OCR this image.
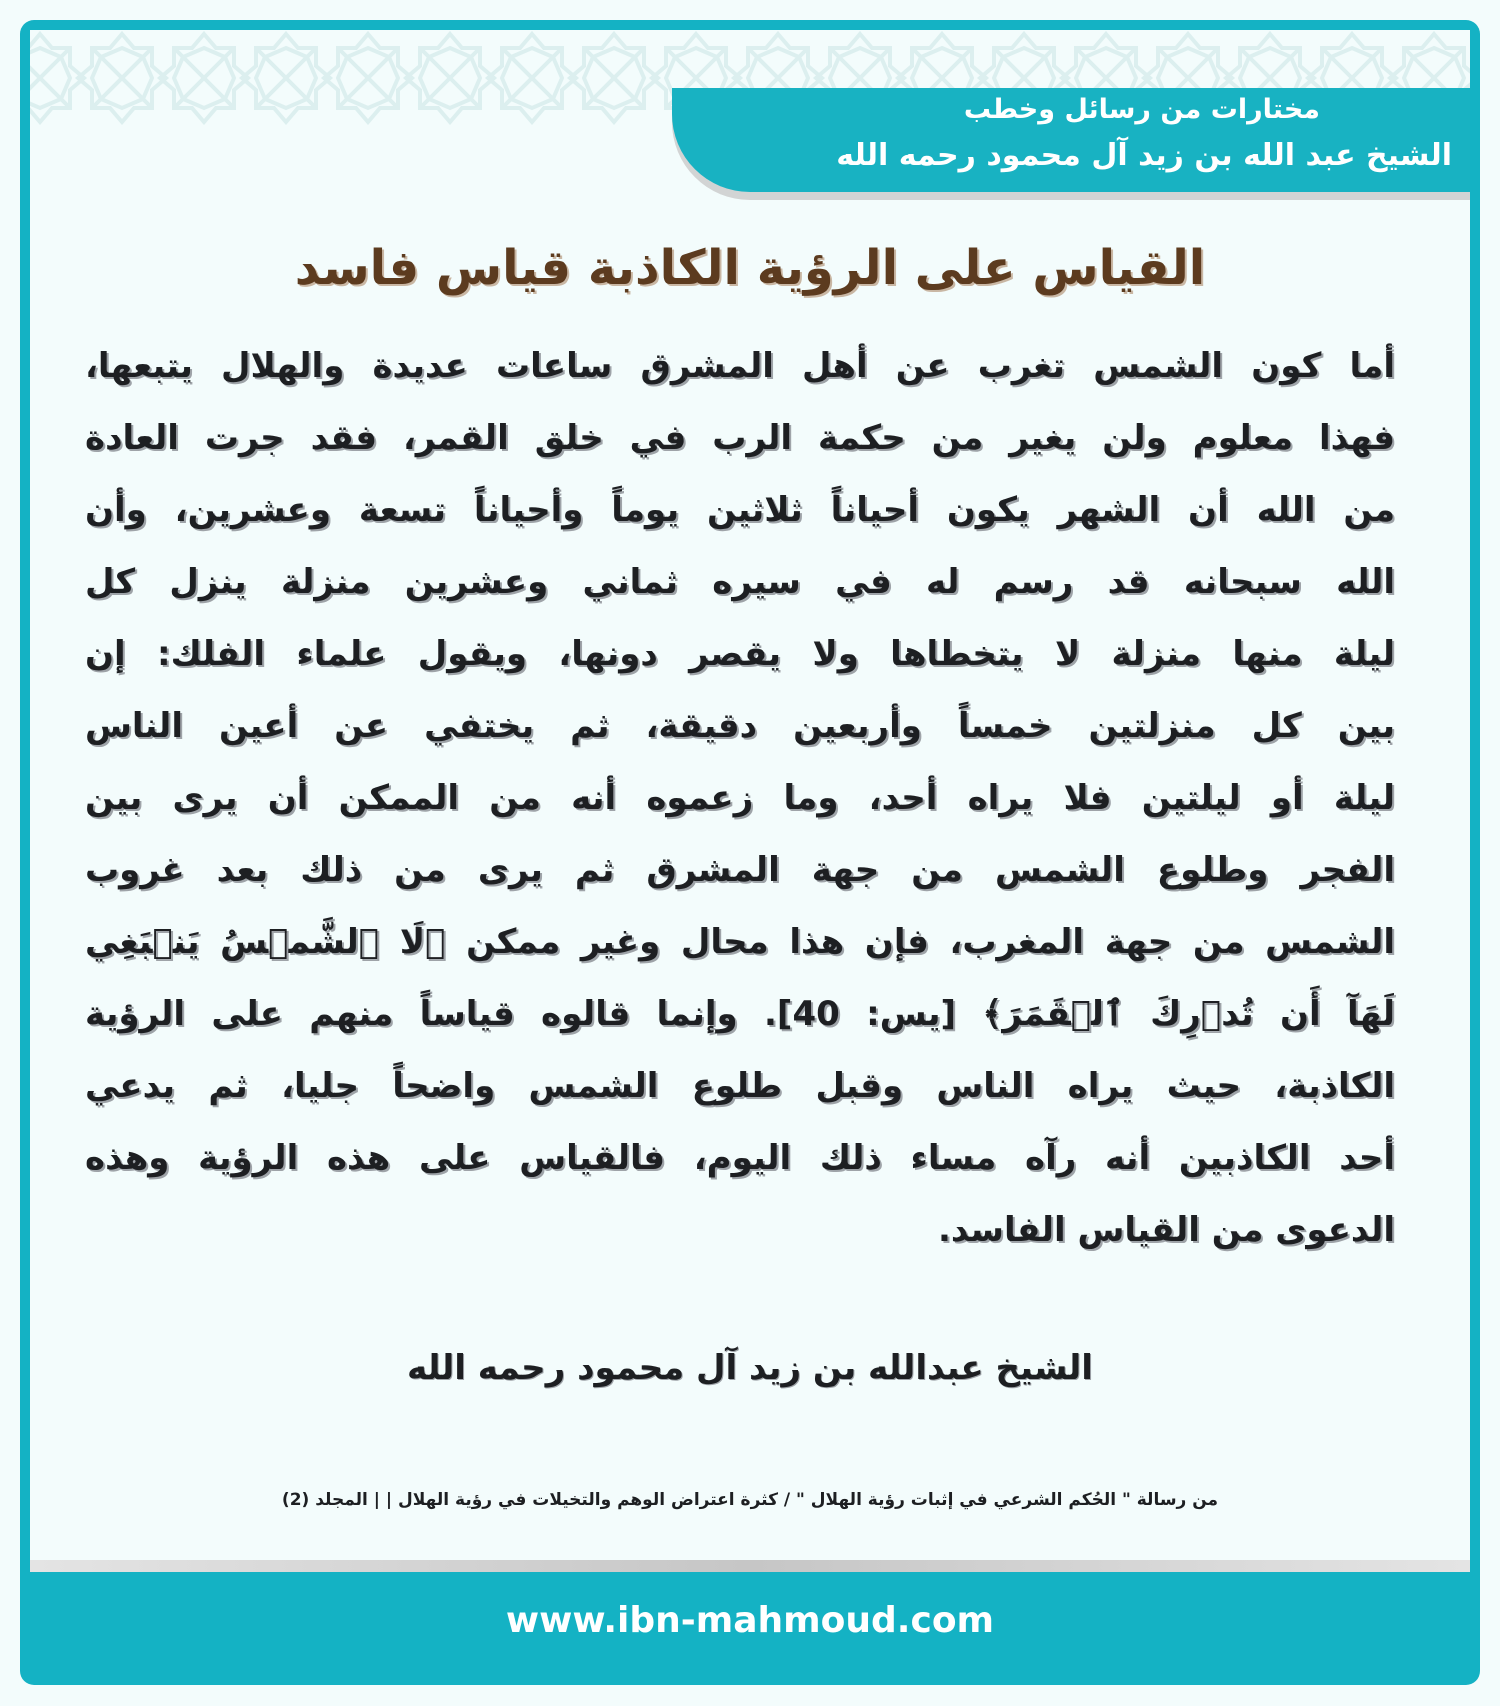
مختارات من رسائل وخطب
الشيخ عبد الله بن زيد آل محمود رحمه الله
القياس على الرؤية الكاذبة قياس فاسد
أما كون الشمس تغرب عن أهل المشرق ساعات عديدة والهلال يتبعها،
فهذا معلوم ولن يغير من حكمة الرب في خلق القمر، فقد جرت العادة
من الله أن الشهر يكون أحياناً ثلاثين يوماً وأحياناً تسعة وعشرين، وأن
الله سبحانه قد رسم له في سيره ثماني وعشرين منزلة ينزل كل
ليلة منها منزلة لا يتخطاها ولا يقصر دونها، ويقول علماء الفلك: إن
بين كل منزلتين خمساً وأربعين دقيقة، ثم يختفي عن أعين الناس
ليلة أو ليلتين فلا يراه أحد، وما زعموه أنه من الممكن أن يرى بين
الفجر وطلوع الشمس من جهة المشرق ثم يرى من ذلك بعد غروب
الشمس من جهة المغرب، فإن هذا محال وغير ممكن ﴿لَا ٱلشَّمۡسُ يَنۢبَغِي
لَهَآ أَن تُدۡرِكَ ٱلۡقَمَرَ﴾ [يس: 40]. وإنما قالوه قياساً منهم على الرؤية
الكاذبة، حيث يراه الناس وقبل طلوع الشمس واضحاً جليا، ثم يدعي
أحد الكاذبين أنه رآه مساء ذلك اليوم، فالقياس على هذه الرؤية وهذه
الدعوى من القياس الفاسد.
الشيخ عبدالله بن زيد آل محمود رحمه الله
من رسالة " الحُكم الشرعي في إثبات رؤية الهلال " / كثرة اعتراض الوهم والتخيلات في رؤية الهلال | | المجلد (2)
www.ibn-mahmoud.com
